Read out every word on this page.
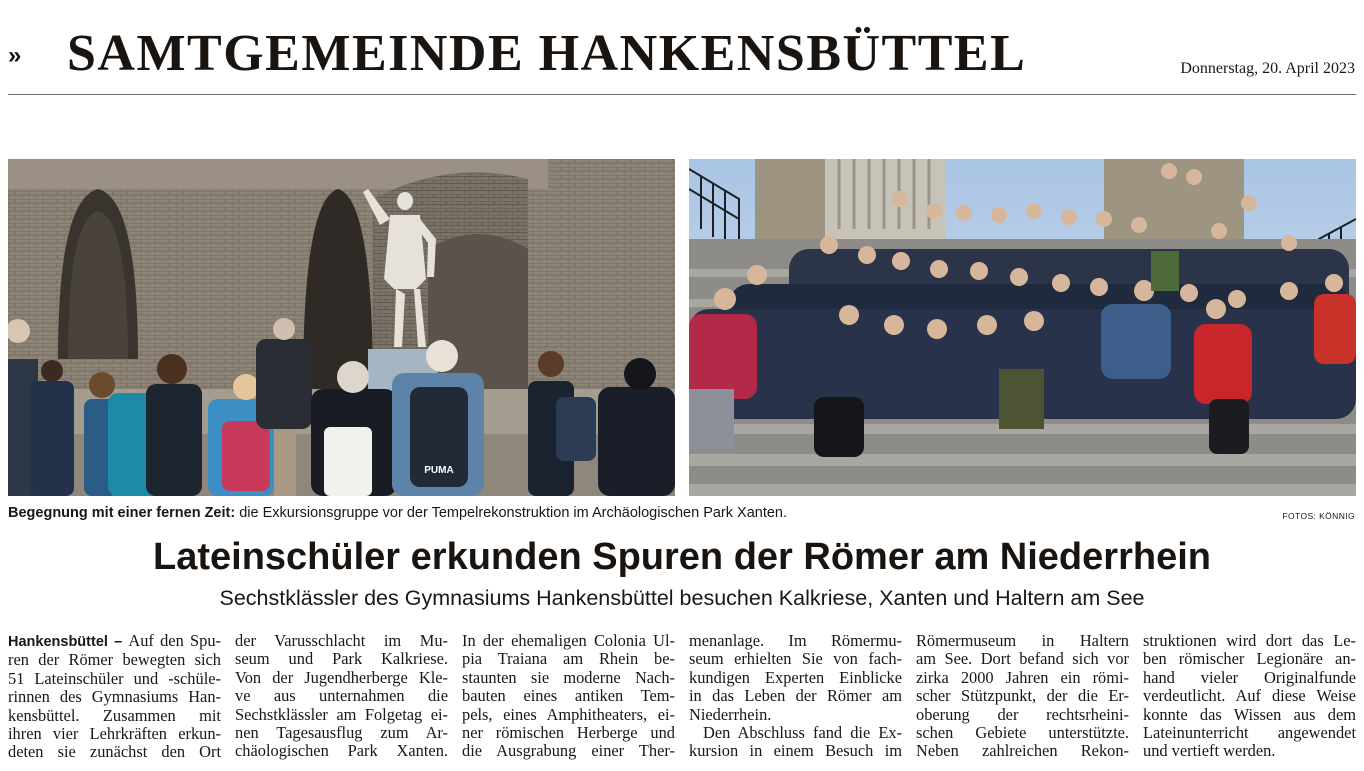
» SAMTGEMEINDE HANKENSBÜTTEL	Donnerstag, 20. April 2023
PUMA
Begegnung mit einer fernen Zeit: die Exkursionsgruppe vor der Tempelrekonstruktion im Archäologischen Park Xanten.	FOTOS: KÖNNIG
Lateinschüler erkunden Spuren der Römer am Niederrhein
Sechstklässler des Gymnasiums Hankensbüttel besuchen Kalkriese, Xanten und Haltern am See
Hankensbüttel – Auf den Spu-
ren der Römer bewegten sich
51 Lateinschüler und -schüle-
rinnen des Gymnasiums Han-
kensbüttel. Zusammen mit
ihren vier Lehrkräften erkun-
deten sie zunächst den Ort
der Varusschlacht im Mu-
seum und Park Kalkriese.
Von der Jugendherberge Kle-
ve aus unternahmen die
Sechstklässler am Folgetag ei-
nen Tagesausflug zum Ar-
chäologischen Park Xanten.
In der ehemaligen Colonia Ul-
pia Traiana am Rhein be-
staunten sie moderne Nach-
bauten eines antiken Tem-
pels, eines Amphitheaters, ei-
ner römischen Herberge und
die Ausgrabung einer Ther-
menanlage. Im Römermu-
seum erhielten Sie von fach-
kundigen Experten Einblicke
in das Leben der Römer am
Niederrhein.
Den Abschluss fand die Ex-
kursion in einem Besuch im
Römermuseum in Haltern
am See. Dort befand sich vor
zirka 2000 Jahren ein römi-
scher Stützpunkt, der die Er-
oberung der rechtsrheini-
schen Gebiete unterstützte.
Neben zahlreichen Rekon-
struktionen wird dort das Le-
ben römischer Legionäre an-
hand vieler Originalfunde
verdeutlicht. Auf diese Weise
konnte das Wissen aus dem
Lateinunterricht angewendet
und vertieft werden.
